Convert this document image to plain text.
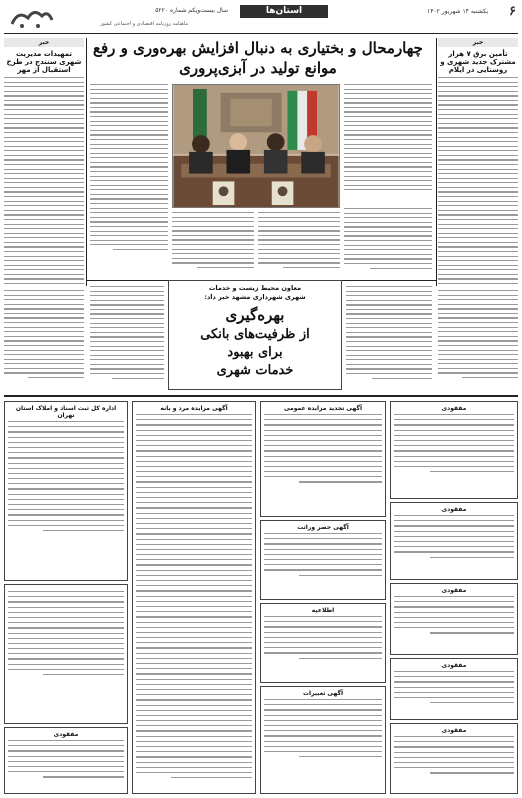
۶
استان‌ها
سال بیست‌ویکم شماره ۵۲۲۰	یکشنبه ۱۴ شهریور ۱۴۰۲
ماهنامه روزنامه اقتصادی و اجتماعی کشور
خبر
تأمین برق ۷ هزار مشترک جدید شهری و روستایی در ایلام
خبر
تمهیدات مدیریت شهری سنندج در طرح استقبال از مهر
چهارمحال و بختیاری به دنبال افزایش بهره‌وری و رفع موانع تولید در آبزی‌پروری
معاون محیط زیست و خدمات
شهری شهرداری مشهد خبر داد:
بهره‌گیری
از ظرفیت‌های بانکی
برای بهبود
خدمات شهری
مفقودی
مفقودی
مفقودی
مفقودی
مفقودی
آگهی تجدید مزایده عمومی
آگهی حصر وراثت
اطلاعیه
آگهی تغییرات
آگهی مزایده مرد و بانه
اداره کل ثبت اسناد و املاک استان تهران
مفقودی
